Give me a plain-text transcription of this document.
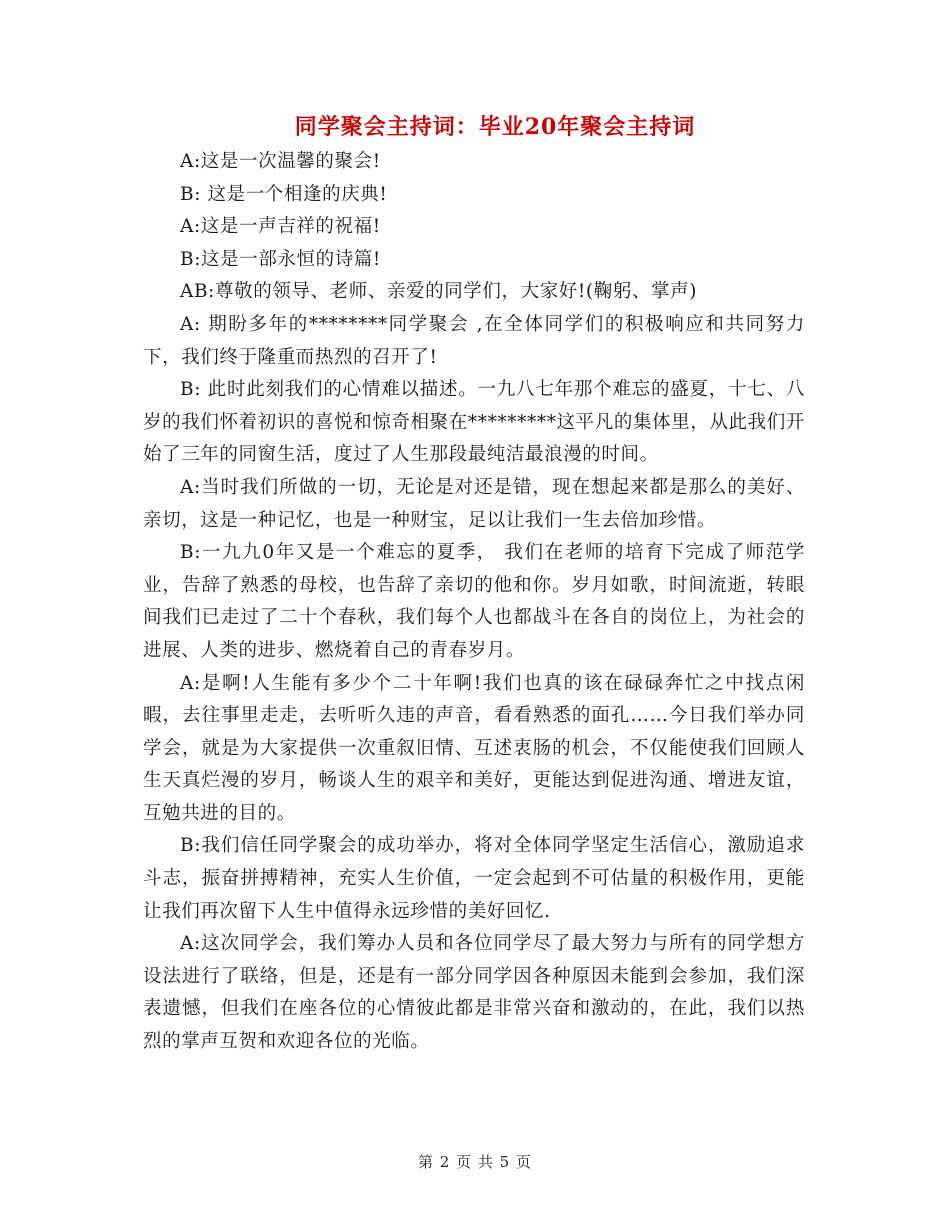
同学聚会主持词：毕业20年聚会主持词

A:这是一次温馨的聚会!

B: 这是一个相逢的庆典!

A:这是一声吉祥的祝福!

B:这是一部永恒的诗篇!

AB:尊敬的领导、老师、亲爱的同学们，大家好!(鞠躬、掌声)

A: 期盼多年的********同学聚会 ,在全体同学们的积极响应和共同努力下，我们终于隆重而热烈的召开了!

B: 此时此刻我们的心情难以描述。一九八七年那个难忘的盛夏，十七、八岁的我们怀着初识的喜悦和惊奇相聚在*********这平凡的集体里，从此我们开始了三年的同窗生活，度过了人生那段最纯洁最浪漫的时间。

A:当时我们所做的一切，无论是对还是错，现在想起来都是那么的美好、亲切，这是一种记忆，也是一种财宝，足以让我们一生去倍加珍惜。

B:一九九0年又是一个难忘的夏季， 我们在老师的培育下完成了师范学业，告辞了熟悉的母校，也告辞了亲切的他和你。岁月如歌，时间流逝，转眼间我们已走过了二十个春秋，我们每个人也都战斗在各自的岗位上，为社会的进展、人类的进步、燃烧着自己的青春岁月。

A:是啊!人生能有多少个二十年啊!我们也真的该在碌碌奔忙之中找点闲暇，去往事里走走，去听听久违的声音，看看熟悉的面孔……今日我们举办同学会，就是为大家提供一次重叙旧情、互述衷肠的机会，不仅能使我们回顾人生天真烂漫的岁月，畅谈人生的艰辛和美好，更能达到促进沟通、增进友谊，互勉共进的目的。

B:我们信任同学聚会的成功举办，将对全体同学坚定生活信心，激励追求斗志，振奋拼搏精神，充实人生价值，一定会起到不可估量的积极作用，更能让我们再次留下人生中值得永远珍惜的美好回忆.

A:这次同学会，我们筹办人员和各位同学尽了最大努力与所有的同学想方设法进行了联络，但是，还是有一部分同学因各种原因未能到会参加，我们深表遗憾，但我们在座各位的心情彼此都是非常兴奋和激动的，在此，我们以热烈的掌声互贺和欢迎各位的光临。

第 2 页 共 5 页
